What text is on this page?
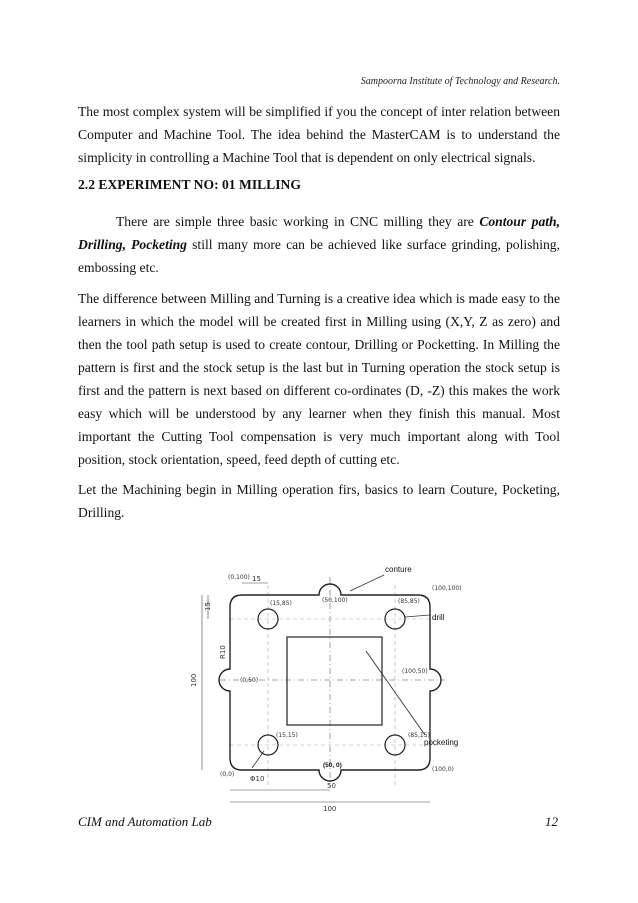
Sampoorna Institute of Technology and Research.

The most complex system will be simplified if you the concept of inter relation between Computer and Machine Tool. The idea behind the MasterCAM is to understand the simplicity in controlling a Machine Tool that is dependent on only electrical signals.

2.2 EXPERIMENT NO: 01 MILLING

There are simple three basic working in CNC milling they are Contour path, Drilling, Pocketing still many more can be achieved like surface grinding, polishing, embossing etc.

The difference between Milling and Turning is a creative idea which is made easy to the learners in which the model will be created first in Milling using (X,Y, Z as zero) and then the tool path setup is used to create contour, Drilling or Pocketting. In Milling the pattern is first and the stock setup is the last but in Turning operation the stock setup is first and the pattern is next based on different co-ordinates (D, -Z) this makes the work easy which will be understood by any learner when they finish this manual. Most important the Cutting Tool compensation is very much important along with Tool position, stock orientation, speed, feed depth of cutting etc.

Let the Machining begin in Milling operation firs, basics to learn Couture, Pocketing, Drilling.

conture
drill
pocketing
(50, 0)
(0,100)
(50,100)
(100,100)
(15,85)	(85,85)
(0,50)
(100,50)
(15,15)	(85,15)
(0,0)
(100,0)
15
15
R10
100
Φ10
50
100
CIM and Automation Lab	12
